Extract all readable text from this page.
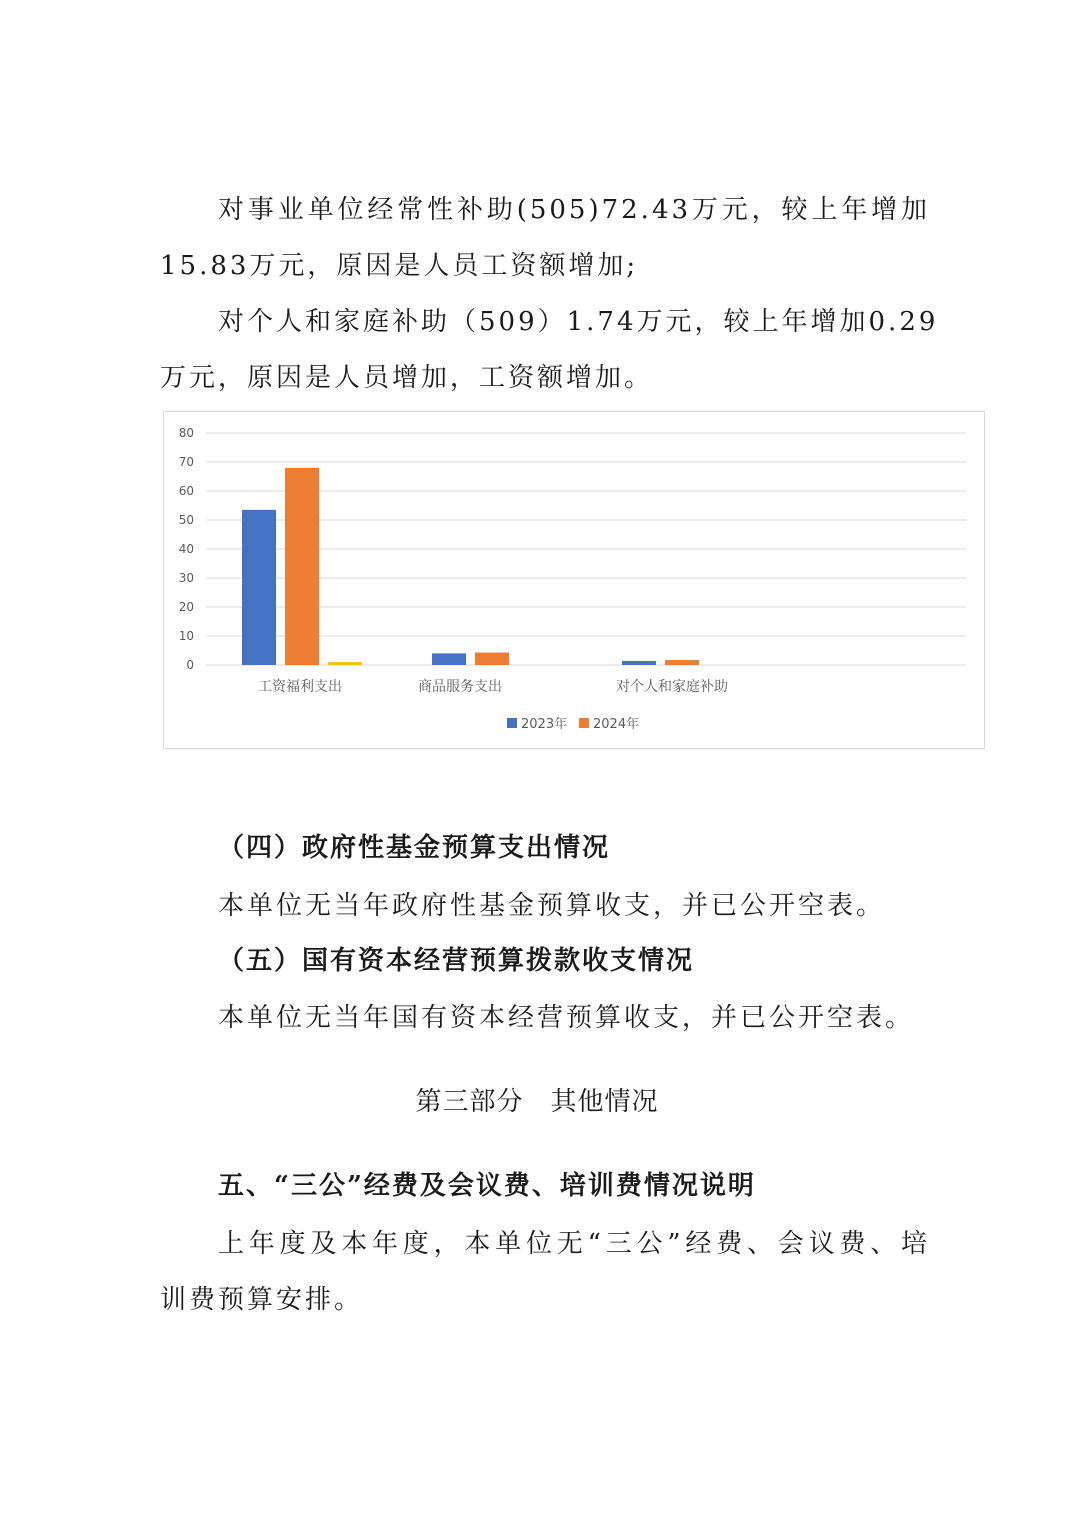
对事业单位经常性补助(505)72.43万元，较上年增加
15.83万元，原因是人员工资额增加;
对个人和家庭补助（509）1.74万元，较上年增加0.29
万元，原因是人员增加，工资额增加。
0
10
20
30
40
50
60
70
80
工资福利支出	商品服务支出	对个人和家庭补助
2023年 2024年
（四）政府性基金预算支出情况
本单位无当年政府性基金预算收支，并已公开空表。
（五）国有资本经营预算拨款收支情况
本单位无当年国有资本经营预算收支，并已公开空表。
第三部分　其他情况
五、“三公”经费及会议费、培训费情况说明
上年度及本年度，本单位无“三公”经费、会议费、培
训费预算安排。
